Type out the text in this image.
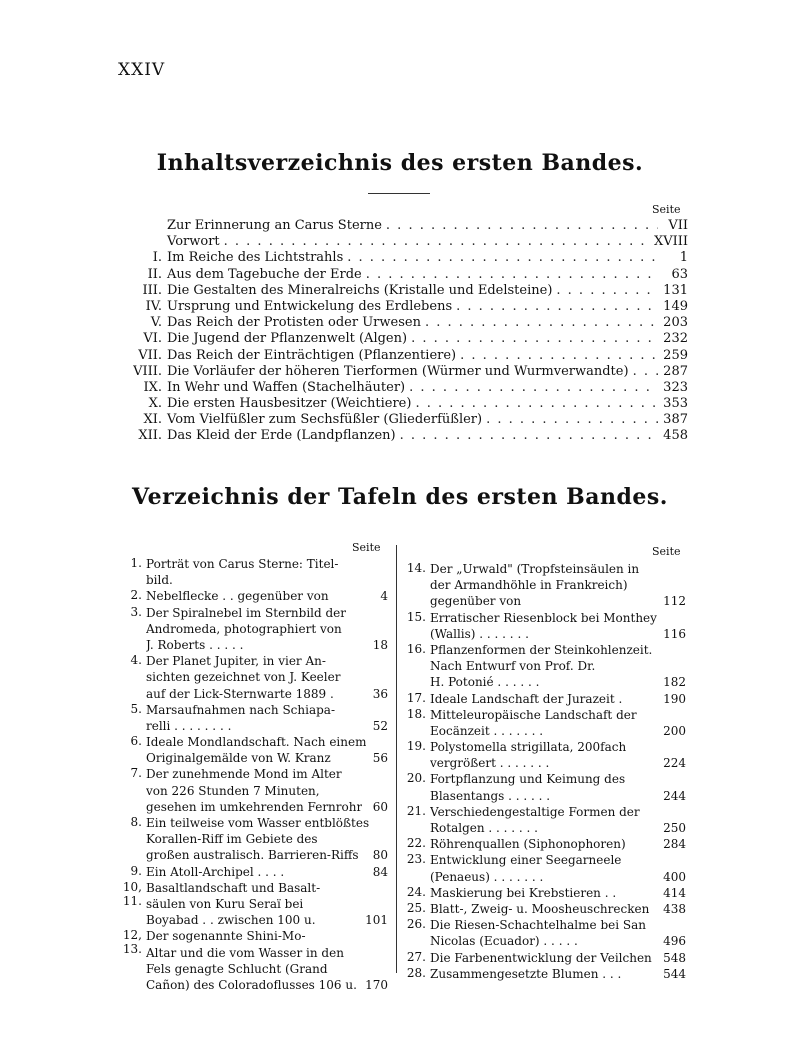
XXIV
Inhaltsverzeichnis des ersten Bandes.
Seite
Zur Erinnerung an Carus Sterne . . .	VII
Vorwort . . .	XVIII
I. Im Reiche des Lichtstrahls . . .	1
II. Aus dem Tagebuche der Erde . . .	63
III. Die Gestalten des Mineralreichs (Kristalle und Edelsteine) . . .	131
IV. Ursprung und Entwickelung des Erdlebens . . .	149
V. Das Reich der Protisten oder Urwesen . . .	203
VI. Die Jugend der Pflanzenwelt (Algen) . . .	232
VII. Das Reich der Einträchtigen (Pflanzentiere) . . .	259
VIII. Die Vorläufer der höheren Tierformen (Würmer und Wurmverwandte) . . .	287
IX. In Wehr und Waffen (Stachelhäuter) . . .	323
X. Die ersten Hausbesitzer (Weichtiere) . . .	353
XI. Vom Vielfüßler zum Sechsfüßler (Gliederfüßler) . . .	387
XII. Das Kleid der Erde (Landpflanzen) . . .	458
Verzeichnis der Tafeln des ersten Bandes.
Seite	Seite
1. Porträt von Carus Sterne: Titel-
bild.
2. Nebelflecke . . gegenüber von	4
3. Der Spiralnebel im Sternbild der
Andromeda, photographiert von
J. Roberts . . . . .	18
4. Der Planet Jupiter, in vier An-
sichten gezeichnet von J. Keeler
auf der Lick-Sternwarte 1889 .	36
5. Marsaufnahmen nach Schiapa-
relli . . . . . . . .	52
6. Ideale Mondlandschaft. Nach einem
Originalgemälde von W. Kranz	56
7. Der zunehmende Mond im Alter
von 226 Stunden 7 Minuten,
gesehen im umkehrenden Fernrohr 60
8. Ein teilweise vom Wasser entblößtes
Korallen-Riff im Gebiete des
großen australisch. Barrieren-Riffs	80
9. Ein Atoll-Archipel . . . .	84
10, 11.
Basaltlandschaft und Basalt-
säulen von Kuru Seraï bei
Boyabad . . zwischen 100 u.	101
12, 13.
Der sogenannte Shini-Mo-
Altar und die vom Wasser in den
Fels genagte Schlucht (Grand
Cañon) des Coloradoflusses 106 u. 170
14. Der „Urwald" (Tropfsteinsäulen in
der Armandhöhle in Frankreich)
gegenüber von	112
15. Erratischer Riesenblock bei Monthey
(Wallis) . . . . . . .	116
16. Pflanzenformen der Steinkohlenzeit.
Nach Entwurf von Prof. Dr.
H. Potonié . . . . . .	182
17. Ideale Landschaft der Jurazeit .	190
18. Mitteleuropäische Landschaft der
Eocänzeit . . . . . . .	200
19. Polystomella strigillata, 200fach
vergrößert . . . . . . .	224
20. Fortpflanzung und Keimung des
Blasentangs . . . . . .	244
21. Verschiedengestaltige Formen der
Rotalgen . . . . . . .	250
22. Röhrenquallen (Siphonophoren)	284
23. Entwicklung einer Seegarneele
(Penaeus) . . . . . . .	400
24. Maskierung bei Krebstieren . .	414
25. Blatt-, Zweig- u. Moosheuschrecken	438
26. Die Riesen-Schachtelhalme bei San
Nicolas (Ecuador) . . . . .	496
27. Die Farbenentwicklung der Veilchen 548
28. Zusammengesetzte Blumen . . .	544
